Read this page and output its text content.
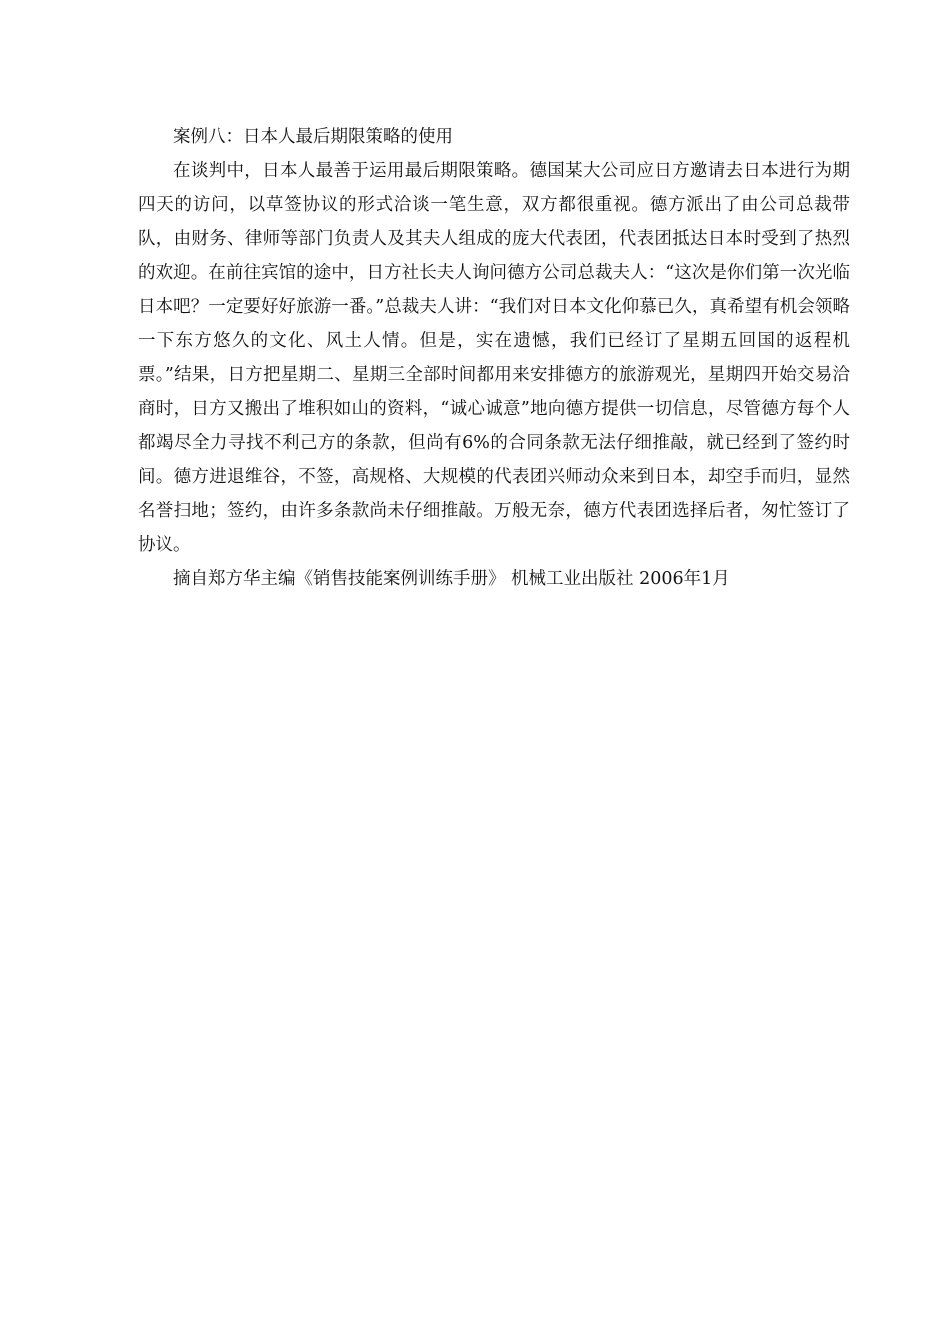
案例八：日本人最后期限策略的使用

在谈判中，日本人最善于运用最后期限策略。德国某大公司应日方邀请去日本进行为期四天的访问，以草签协议的形式洽谈一笔生意，双方都很重视。德方派出了由公司总裁带队，由财务、律师等部门负责人及其夫人组成的庞大代表团，代表团抵达日本时受到了热烈的欢迎。在前往宾馆的途中，日方社长夫人询问德方公司总裁夫人：“这次是你们第一次光临日本吧？一定要好好旅游一番。”总裁夫人讲：“我们对日本文化仰慕已久，真希望有机会领略一下东方悠久的文化、风土人情。但是，实在遗憾，我们已经订了星期五回国的返程机票。”结果，日方把星期二、星期三全部时间都用来安排德方的旅游观光，星期四开始交易洽商时，日方又搬出了堆积如山的资料，“诚心诚意”地向德方提供一切信息，尽管德方每个人都竭尽全力寻找不利己方的条款，但尚有6%的合同条款无法仔细推敲，就已经到了签约时间。德方进退维谷，不签，高规格、大规模的代表团兴师动众来到日本，却空手而归，显然名誉扫地；签约，由许多条款尚未仔细推敲。万般无奈，德方代表团选择后者，匆忙签订了协议。

摘自郑方华主编《销售技能案例训练手册》 机械工业出版社 2006年1月
